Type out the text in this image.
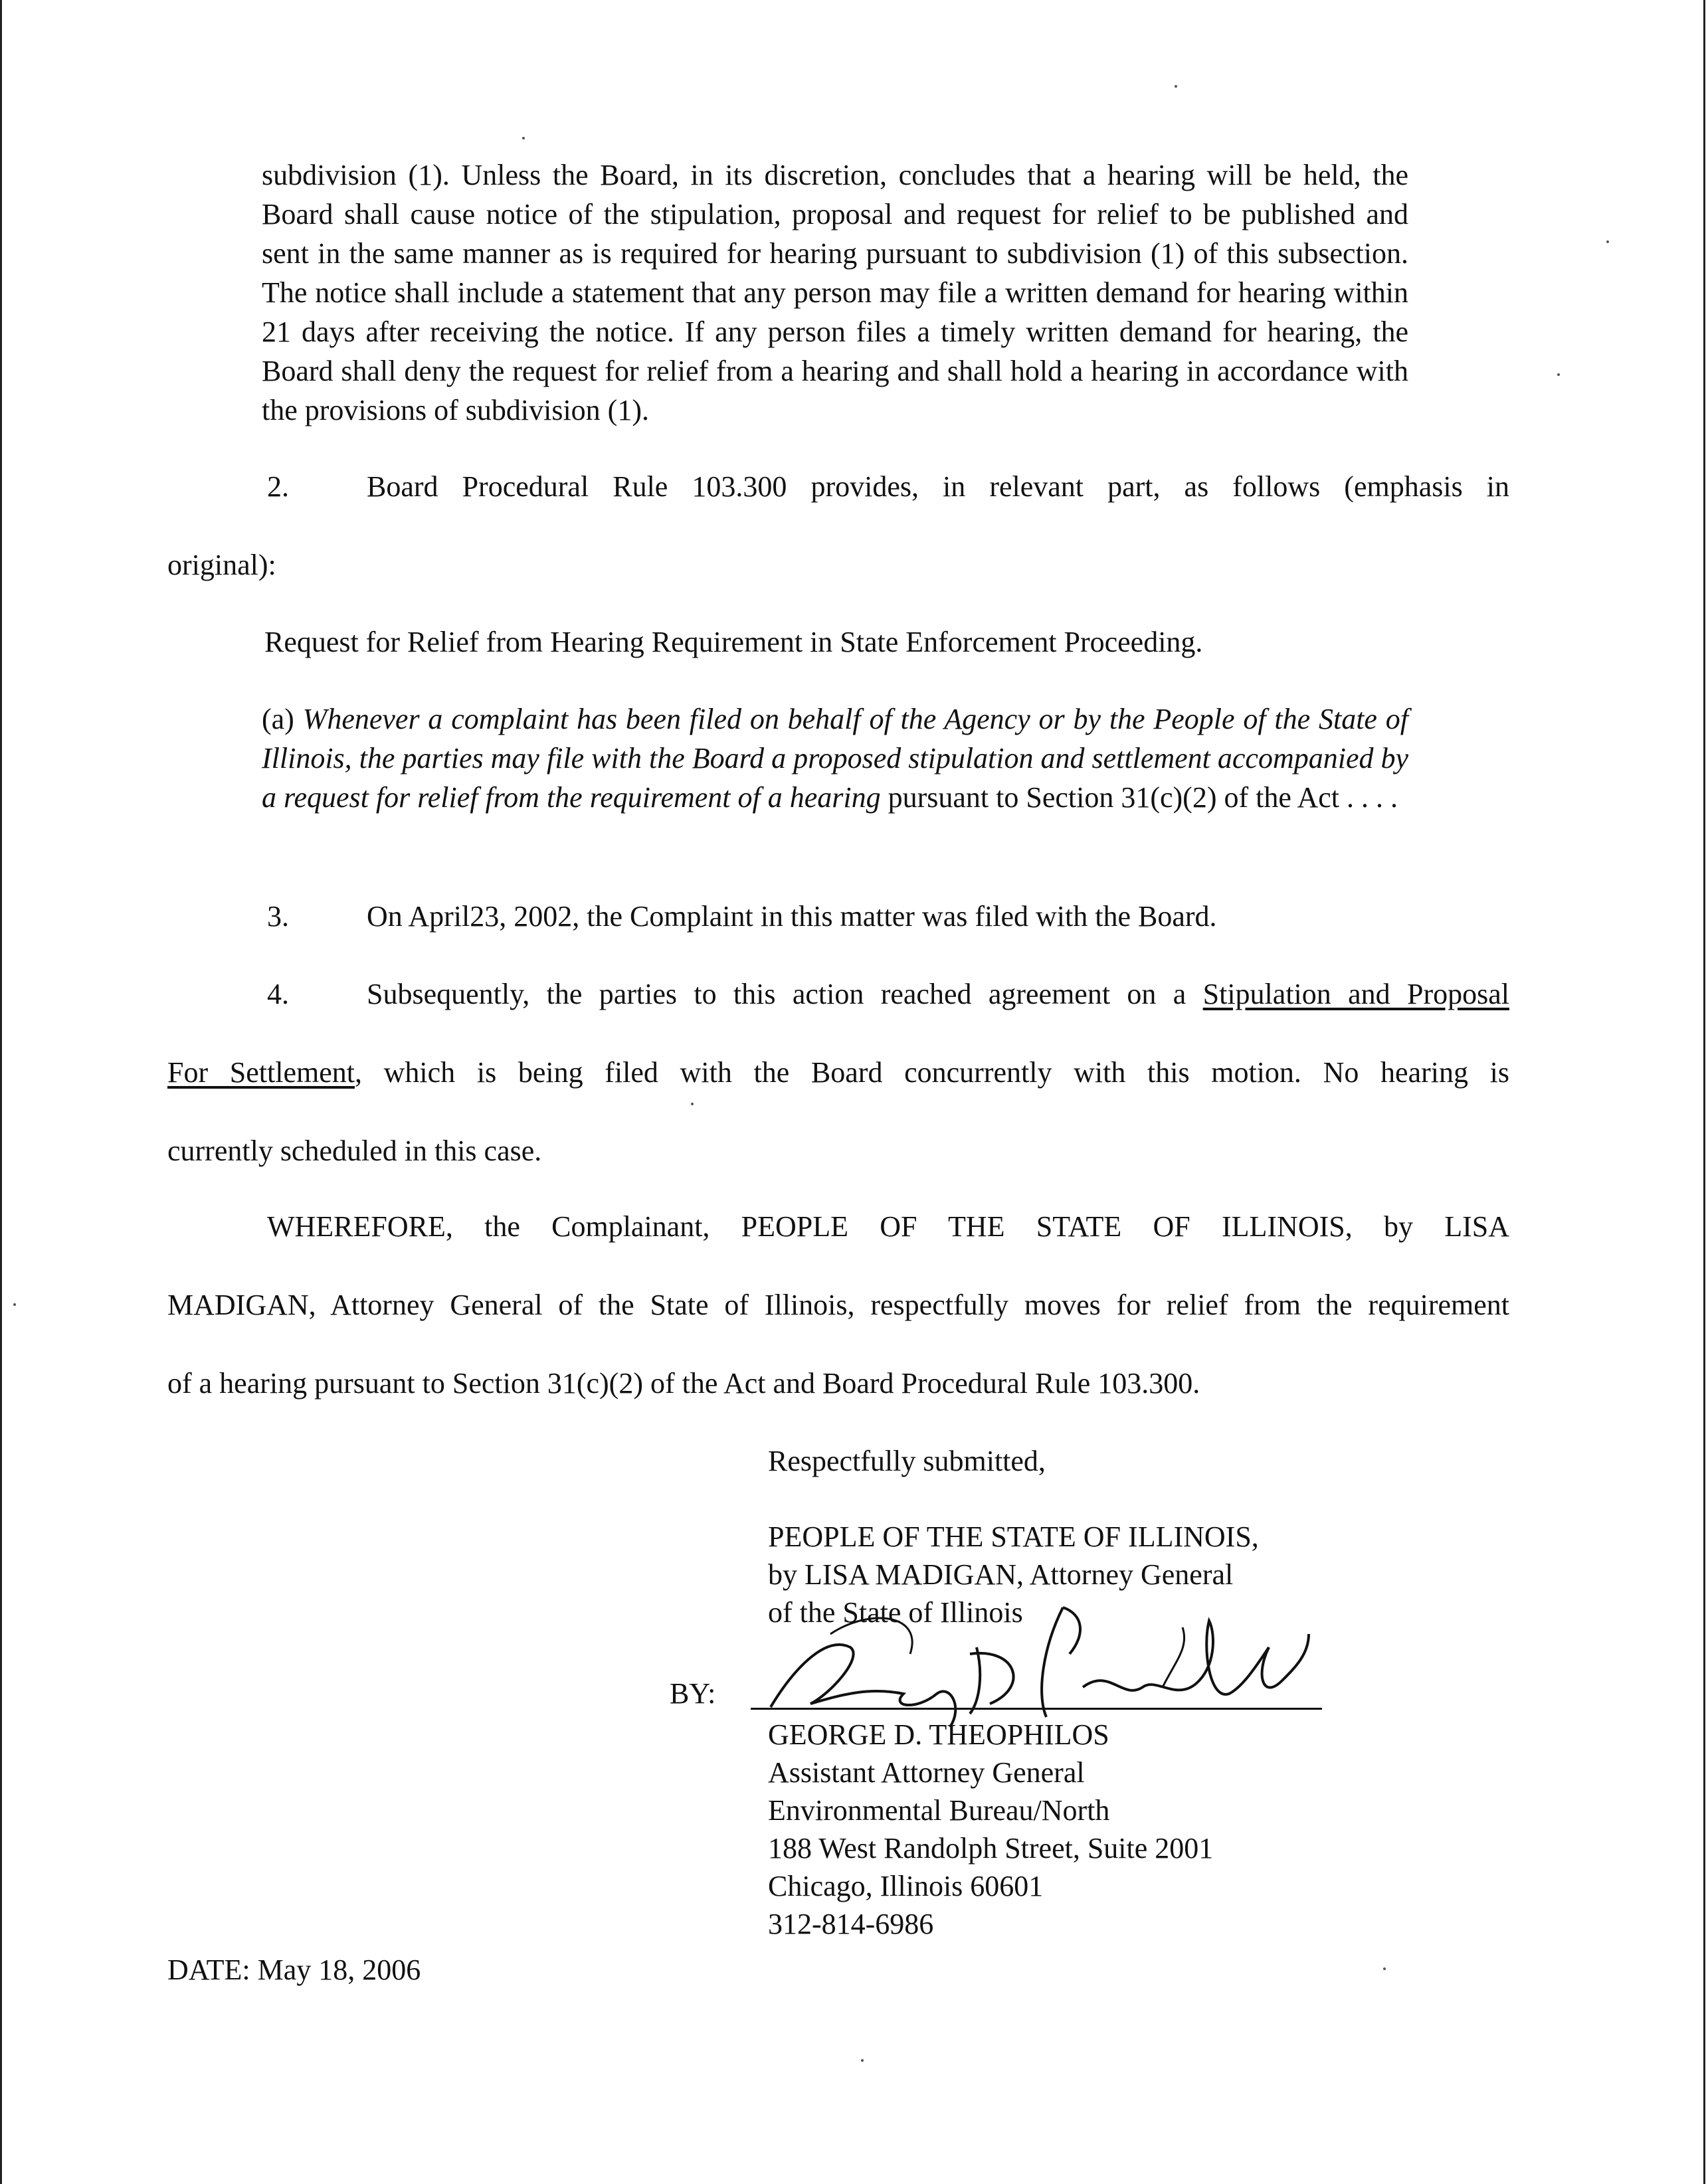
subdivision (1). Unless the Board, in its discretion, concludes that a hearing will be held, the Board shall cause notice of the stipulation, proposal and request for relief to be published and sent in the same manner as is required for hearing pursuant to subdivision (1) of this subsection. The notice shall include a statement that any person may file a written demand for hearing within 21 days after receiving the notice. If any person files a timely written demand for hearing, the Board shall deny the request for relief from a hearing and shall hold a hearing in accordance with the provisions of subdivision (1).

2.	Board Procedural Rule 103.300 provides, in relevant part, as follows (emphasis in
original):
Request for Relief from Hearing Requirement in State Enforcement Proceeding.

(a) Whenever a complaint has been filed on behalf of the Agency or by the People of the State of Illinois, the parties may file with the Board a proposed stipulation and settlement accompanied by a request for relief from the requirement of a hearing pursuant to Section 31(c)(2) of the Act . . . .

3.	On April23, 2002, the Complaint in this matter was filed with the Board.
4.	Subsequently, the parties to this action reached agreement on a Stipulation and Proposal
For Settlement, which is being filed with the Board concurrently with this motion. No hearing is
currently scheduled in this case.
WHEREFORE, the Complainant, PEOPLE OF THE STATE OF ILLINOIS, by LISA
MADIGAN, Attorney General of the State of Illinois, respectfully moves for relief from the requirement
of a hearing pursuant to Section 31(c)(2) of the Act and Board Procedural Rule 103.300.
Respectfully submitted,
PEOPLE OF THE STATE OF ILLINOIS,
by LISA MADIGAN, Attorney General
of the State of Illinois
BY:
GEORGE D. THEOPHILOS
Assistant Attorney General
Environmental Bureau/North
188 West Randolph Street, Suite 2001
Chicago, Illinois 60601
312-814-6986
DATE: May 18, 2006
